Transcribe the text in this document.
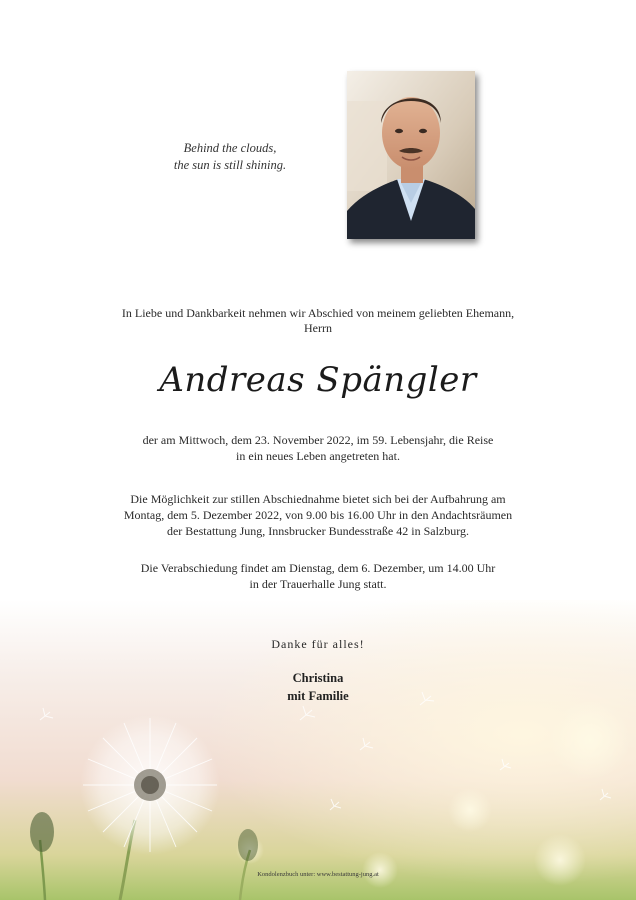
Behind the clouds,
the sun is still shining.
In Liebe und Dankbarkeit nehmen wir Abschied von meinem geliebten Ehemann,
Herrn
Andreas Spängler
der am Mittwoch, dem 23. November 2022, im 59. Lebensjahr, die Reise
in ein neues Leben angetreten hat.
Die Möglichkeit zur stillen Abschiednahme bietet sich bei der Aufbahrung am
Montag, dem 5. Dezember 2022, von 9.00 bis 16.00 Uhr in den Andachtsräumen
der Bestattung Jung, Innsbrucker Bundesstraße 42 in Salzburg.
Die Verabschiedung findet am Dienstag, dem 6. Dezember, um 14.00 Uhr
in der Trauerhalle Jung statt.
Danke für alles!
Christina
mit Familie
Kondolenzbuch unter: www.bestattung-jung.at
